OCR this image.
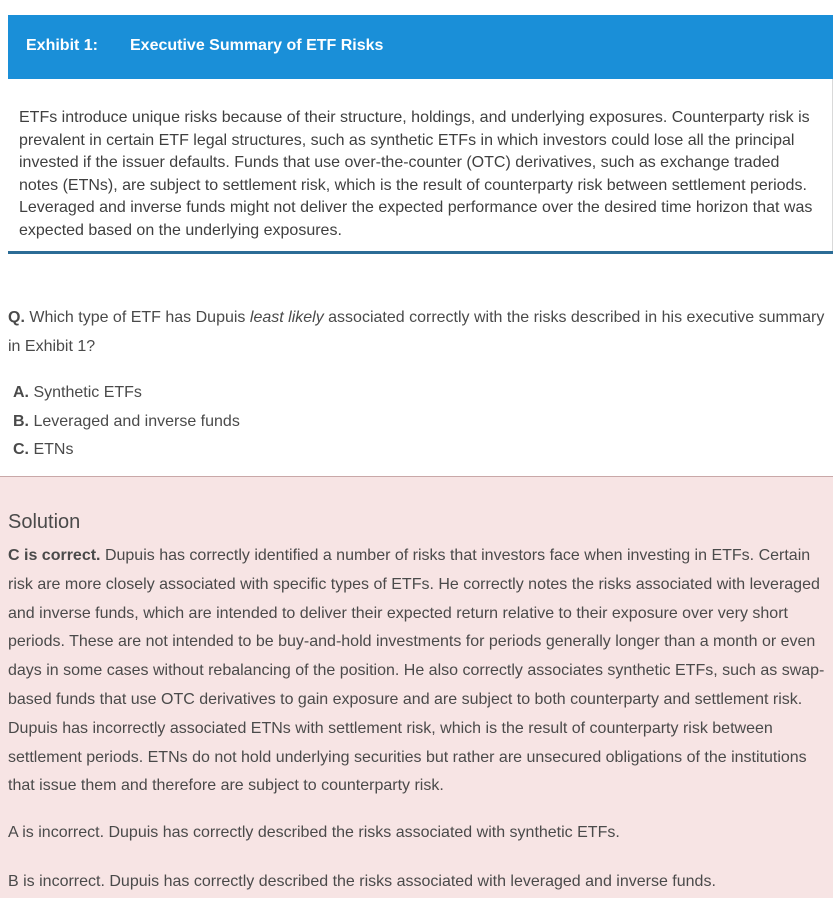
Exhibit 1: Executive Summary of ETF Risks
ETFs introduce unique risks because of their structure, holdings, and underlying exposures. Counterparty risk is prevalent in certain ETF legal structures, such as synthetic ETFs in which investors could lose all the principal invested if the issuer defaults. Funds that use over-the-counter (OTC) derivatives, such as exchange traded notes (ETNs), are subject to settlement risk, which is the result of counterparty risk between settlement periods. Leveraged and inverse funds might not deliver the expected performance over the desired time horizon that was expected based on the underlying exposures.
Q. Which type of ETF has Dupuis least likely associated correctly with the risks described in his executive summary in Exhibit 1?
A. Synthetic ETFs
B. Leveraged and inverse funds
C. ETNs
Solution
C is correct. Dupuis has correctly identified a number of risks that investors face when investing in ETFs. Certain risk are more closely associated with specific types of ETFs. He correctly notes the risks associated with leveraged and inverse funds, which are intended to deliver their expected return relative to their exposure over very short periods. These are not intended to be buy-and-hold investments for periods generally longer than a month or even days in some cases without rebalancing of the position. He also correctly associates synthetic ETFs, such as swap-based funds that use OTC derivatives to gain exposure and are subject to both counterparty and settlement risk. Dupuis has incorrectly associated ETNs with settlement risk, which is the result of counterparty risk between settlement periods. ETNs do not hold underlying securities but rather are unsecured obligations of the institutions that issue them and therefore are subject to counterparty risk.
A is incorrect. Dupuis has correctly described the risks associated with synthetic ETFs.
B is incorrect. Dupuis has correctly described the risks associated with leveraged and inverse funds.
